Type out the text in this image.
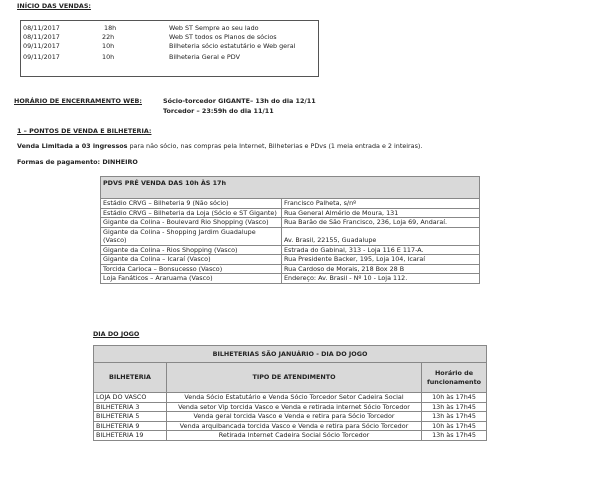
INÍCIO DAS VENDAS:
08/11/2017	18h	Web ST Sempre ao seu lado
08/11/2017	22h	Web ST todos os Planos de sócios
09/11/2017	10h	Bilheteria sócio estatutário e Web geral
09/11/2017	10h	Bilheteria Geral e PDV
HORÁRIO DE ENCERRAMENTO WEB:	Sócio-torcedor GIGANTE– 13h do dia 12/11
Torcedor – 23:59h do dia 11/11
1 – PONTOS DE VENDA E BILHETERIA:
Venda Limitada a 03 ingressos para não sócio, nas compras pela Internet, Bilheterias e PDvs (1 meia entrada e 2 inteiras).
Formas de pagamento: DINHEIRO
PDVS PRÉ VENDA DAS 10h ÀS 17h	
Estádio CRVG – Bilheteria 9 (Não sócio)	Francisco Palheta, s/nº
Estádio CRVG – Bilheteria da Loja (Sócio e ST Gigante)	Rua General Almério de Moura, 131
Gigante da Colina - Boulevard Rio Shopping (Vasco)	Rua Barão de São Francisco, 236, Loja 69, Andaraí.
Gigante da Colina - Shopping Jardim Guadalupe (Vasco)	Av. Brasil, 22155, Guadalupe
Gigante da Colina - Rios Shopping (Vasco)	Estrada do Gabinal, 313 - Loja 116 E 117-A.
Gigante da Colina – Icaraí (Vasco)	Rua Presidente Backer, 195, Loja 104, Icaraí
Torcida Carioca – Bonsucesso (Vasco)	Rua Cardoso de Morais, 218 Box 28 B
Loja Fanáticos – Araruama (Vasco)	Endereço: Av. Brasil - Nº 10 - Loja 112.
DIA DO JOGO
BILHETERIAS SÃO JANUÁRIO - DIA DO JOGO		
BILHETERIA	TIPO DE ATENDIMENTO	Horário de funcionamento
LOJA DO VASCO	Venda Sócio Estatutário e Venda Sócio Torcedor Setor Cadeira Social	10h às 17h45
BILHETERIA 3	Venda setor Vip torcida Vasco e Venda e retirada internet Sócio Torcedor	13h às 17h45
BILHETERIA 5	Venda geral torcida Vasco e Venda e retira para Sócio Torcedor	13h às 17h45
BILHETERIA 9	Venda arquibancada torcida Vasco e Venda e retira para Sócio Torcedor	10h às 17h45
BILHETERIA 19	Retirada Internet Cadeira Social Sócio Torcedor	13h às 17h45
